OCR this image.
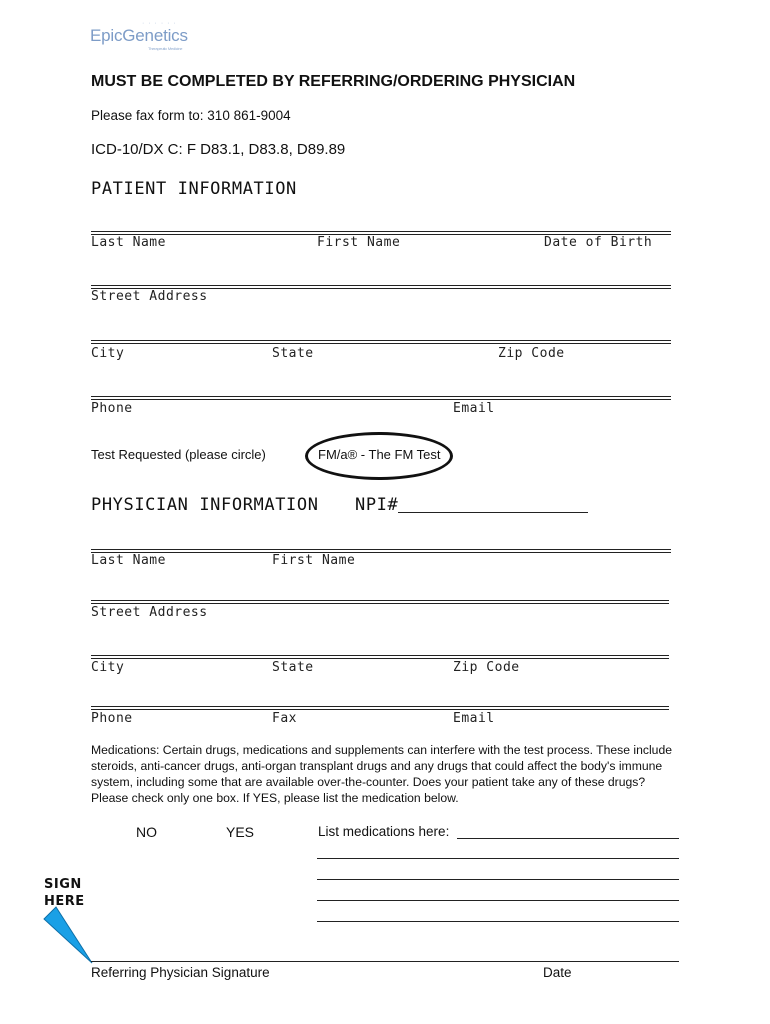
· · · · · ·
EpicGenetics
Therapeutic Medicine
MUST BE COMPLETED BY REFERRING/ORDERING PHYSICIAN
Please fax form to: 310 861-9004
ICD-10/DX C: F D83.1, D83.8, D89.89
PATIENT INFORMATION
Last Name	First Name	Date of Birth
Street Address
City	State	Zip Code
Phone	Email
Test Requested (please circle)	FM/a® - The FM Test
PHYSICIAN INFORMATION NPI#
Last Name	First Name
Street Address
City	State	Zip Code
Phone	Fax	Email
Medications: Certain drugs, medications and supplements can interfere with the test process. These include steroids, anti-cancer drugs, anti-organ transplant drugs and any drugs that could affect the body's immune system, including some that are available over-the-counter. Does your patient take any of these drugs? Please check only one box. If YES, please list the medication below.
NO	YES	List medications here:
SIGN
HERE
Referring Physician Signature	Date
